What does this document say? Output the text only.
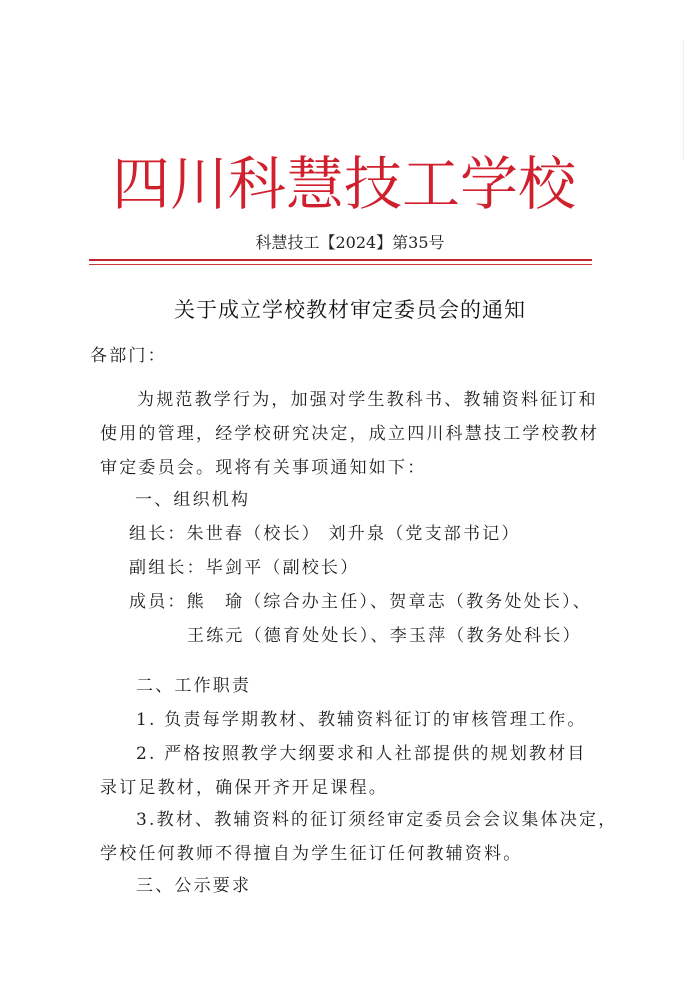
四川科慧技工学校
科慧技工【2024】第35号
关于成立学校教材审定委员会的通知
各部门：
为规范教学行为，加强对学生教科书、教辅资料征订和
使用的管理，经学校研究决定，成立四川科慧技工学校教材
审定委员会。现将有关事项通知如下：
一、组织机构
组长：朱世春（校长） 刘升泉（党支部书记）
副组长：毕剑平（副校长）
成员：熊　瑜（综合办主任）、贺章志（教务处处长）、
王练元（德育处处长）、李玉萍（教务处科长）
二、工作职责
1. 负责每学期教材、教辅资料征订的审核管理工作。
2. 严格按照教学大纲要求和人社部提供的规划教材目
录订足教材，确保开齐开足课程。
3.教材、教辅资料的征订须经审定委员会会议集体决定，
学校任何教师不得擅自为学生征订任何教辅资料。
三、公示要求
